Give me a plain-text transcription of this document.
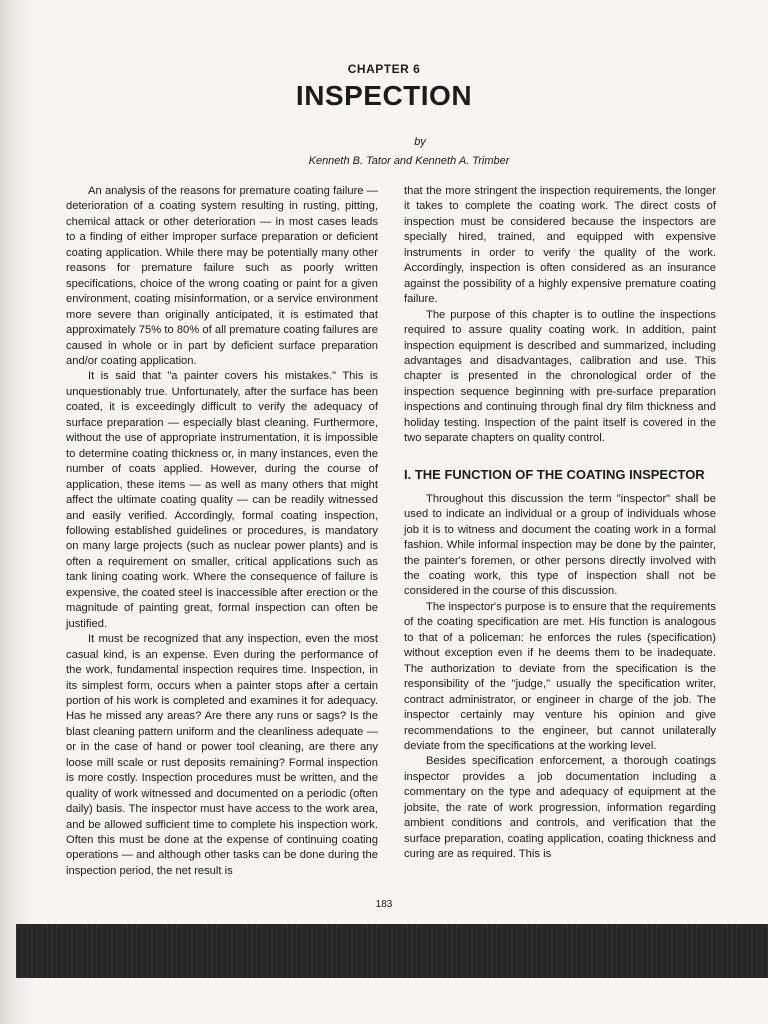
CHAPTER 6
INSPECTION
by
Kenneth B. Tator and Kenneth A. Trimber

An analysis of the reasons for premature coating failure — deterioration of a coating system resulting in rusting, pitting, chemical attack or other deterioration — in most cases leads to a finding of either improper surface preparation or deficient coating application. While there may be potentially many other reasons for premature failure such as poorly written specifications, choice of the wrong coating or paint for a given environment, coating misinformation, or a service environment more severe than originally anticipated, it is estimated that approximately 75% to 80% of all premature coating failures are caused in whole or in part by deficient surface preparation and/or coating application.

It is said that "a painter covers his mistakes." This is unquestionably true. Unfortunately, after the surface has been coated, it is exceedingly difficult to verify the adequacy of surface preparation — especially blast cleaning. Furthermore, without the use of appropriate instrumentation, it is impossible to determine coating thickness or, in many instances, even the number of coats applied. However, during the course of application, these items — as well as many others that might affect the ultimate coating quality — can be readily witnessed and easily verified. Accordingly, formal coating inspection, following established guidelines or procedures, is mandatory on many large projects (such as nuclear power plants) and is often a requirement on smaller, critical applications such as tank lining coating work. Where the consequence of failure is expensive, the coated steel is inaccessible after erection or the magnitude of painting great, formal inspection can often be justified.

It must be recognized that any inspection, even the most casual kind, is an expense. Even during the performance of the work, fundamental inspection requires time. Inspection, in its simplest form, occurs when a painter stops after a certain portion of his work is completed and examines it for adequacy. Has he missed any areas? Are there any runs or sags? Is the blast cleaning pattern uniform and the cleanliness adequate — or in the case of hand or power tool cleaning, are there any loose mill scale or rust deposits remaining? Formal inspection is more costly. Inspection procedures must be written, and the quality of work witnessed and documented on a periodic (often daily) basis. The inspector must have access to the work area, and be allowed sufficient time to complete his inspection work. Often this must be done at the expense of continuing coating operations — and although other tasks can be done during the inspection period, the net result is

that the more stringent the inspection requirements, the longer it takes to complete the coating work. The direct costs of inspection must be considered because the inspectors are specially hired, trained, and equipped with expensive instruments in order to verify the quality of the work. Accordingly, inspection is often considered as an insurance against the possibility of a highly expensive premature coating failure.

The purpose of this chapter is to outline the inspections required to assure quality coating work. In addition, paint inspection equipment is described and summarized, including advantages and disadvantages, calibration and use. This chapter is presented in the chronological order of the inspection sequence beginning with pre-surface preparation inspections and continuing through final dry film thickness and holiday testing. Inspection of the paint itself is covered in the two separate chapters on quality control.

I. THE FUNCTION OF THE COATING INSPECTOR

Throughout this discussion the term "inspector" shall be used to indicate an individual or a group of individuals whose job it is to witness and document the coating work in a formal fashion. While informal inspection may be done by the painter, the painter's foremen, or other persons directly involved with the coating work, this type of inspection shall not be considered in the course of this discussion.

The inspector's purpose is to ensure that the requirements of the coating specification are met. His function is analogous to that of a policeman: he enforces the rules (specification) without exception even if he deems them to be inadequate. The authorization to deviate from the specification is the responsibility of the "judge," usually the specification writer, contract administrator, or engineer in charge of the job. The inspector certainly may venture his opinion and give recommendations to the engineer, but cannot unilaterally deviate from the specifications at the working level.

Besides specification enforcement, a thorough coatings inspector provides a job documentation including a commentary on the type and adequacy of equipment at the jobsite, the rate of work progression, information regarding ambient conditions and controls, and verification that the surface preparation, coating application, coating thickness and curing are as required. This is

183
